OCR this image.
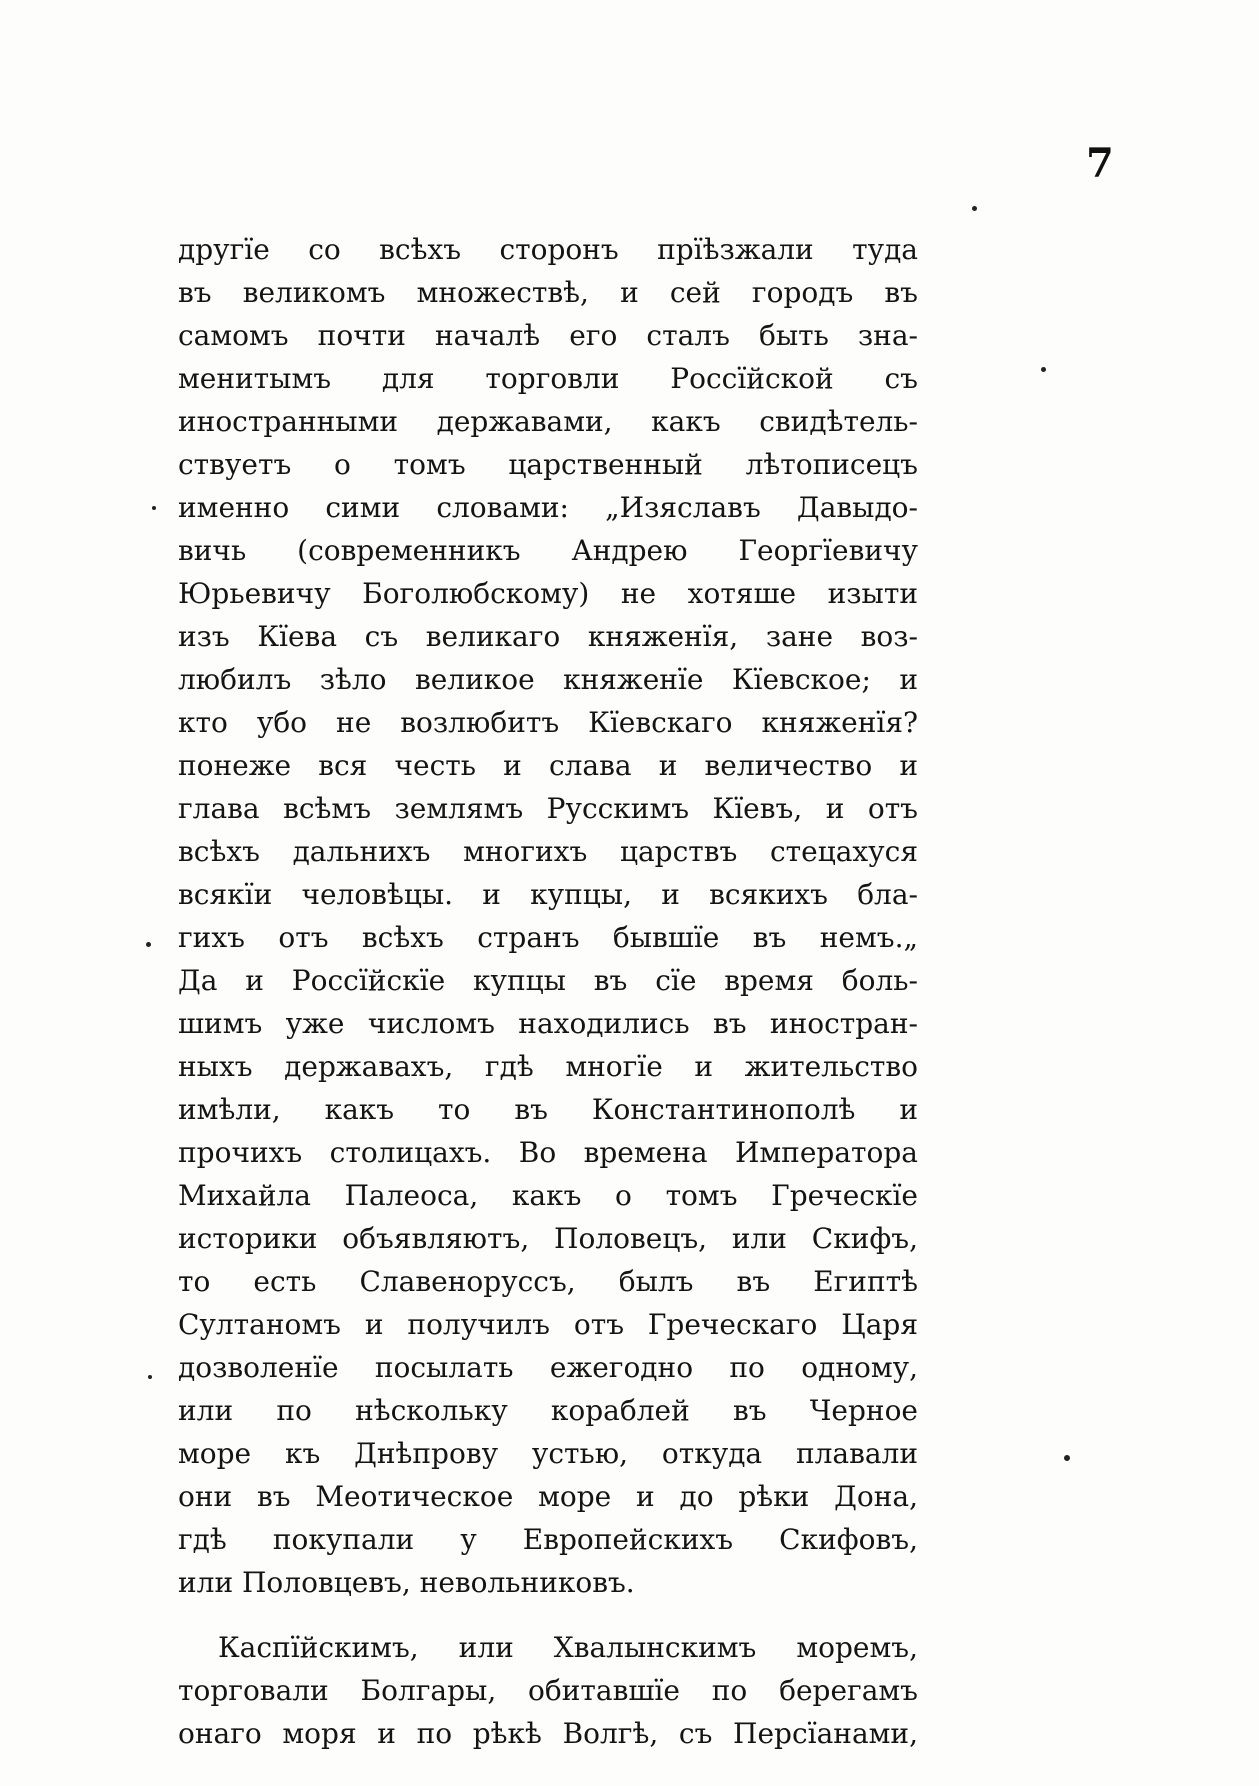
7
другїе со всѣхъ сторонъ прїѣзжали туда
въ великомъ множествѣ, и сей городъ въ
самомъ почти началѣ его сталъ быть зна-
менитымъ для торговли Россїйской съ
иностранными державами, какъ свидѣтель-
ствуетъ о томъ царственный лѣтописецъ
именно сими словами: „Изяславъ Давыдо-
вичь (современникъ Андрею Георгїевичу
Юрьевичу Боголюбскому) не хотяше изыти
изъ Кїева съ великаго княженїя, зане воз-
любилъ зѣло великое княженїе Кїевское; и
кто убо не возлюбитъ Кїевскаго княженїя?
понеже вся честь и слава и величество и
глава всѣмъ землямъ Русскимъ Кїевъ, и отъ
всѣхъ дальнихъ многихъ царствъ стецахуся
всякїи человѣцы. и купцы, и всякихъ бла-
гихъ отъ всѣхъ странъ бывшїе въ немъ.„
Да и Россїйскїе купцы въ сїе время боль-
шимъ уже числомъ находились въ иностран-
ныхъ державахъ, гдѣ многїе и жительство
имѣли, какъ то въ Константинополѣ и
прочихъ столицахъ. Во времена Императора
Михайла Палеоса, какъ о томъ Греческїе
историки объявляютъ, Половецъ, или Скифъ,
то есть Славеноруссъ, былъ въ Египтѣ
Султаномъ и получилъ отъ Греческаго Царя
дозволенїе посылать ежегодно по одному,
или по нѣскольку кораблей въ Черное
море къ Днѣпрову устью, откуда плавали
они въ Меотическое море и до рѣки Дона,
гдѣ покупали у Европейскихъ Скифовъ,
или Половцевъ, невольниковъ.
Каспїйскимъ, или Хвалынскимъ моремъ,
торговали Болгары, обитавшїе по берегамъ
онаго моря и по рѣкѣ Волгѣ, съ Персїанами,
